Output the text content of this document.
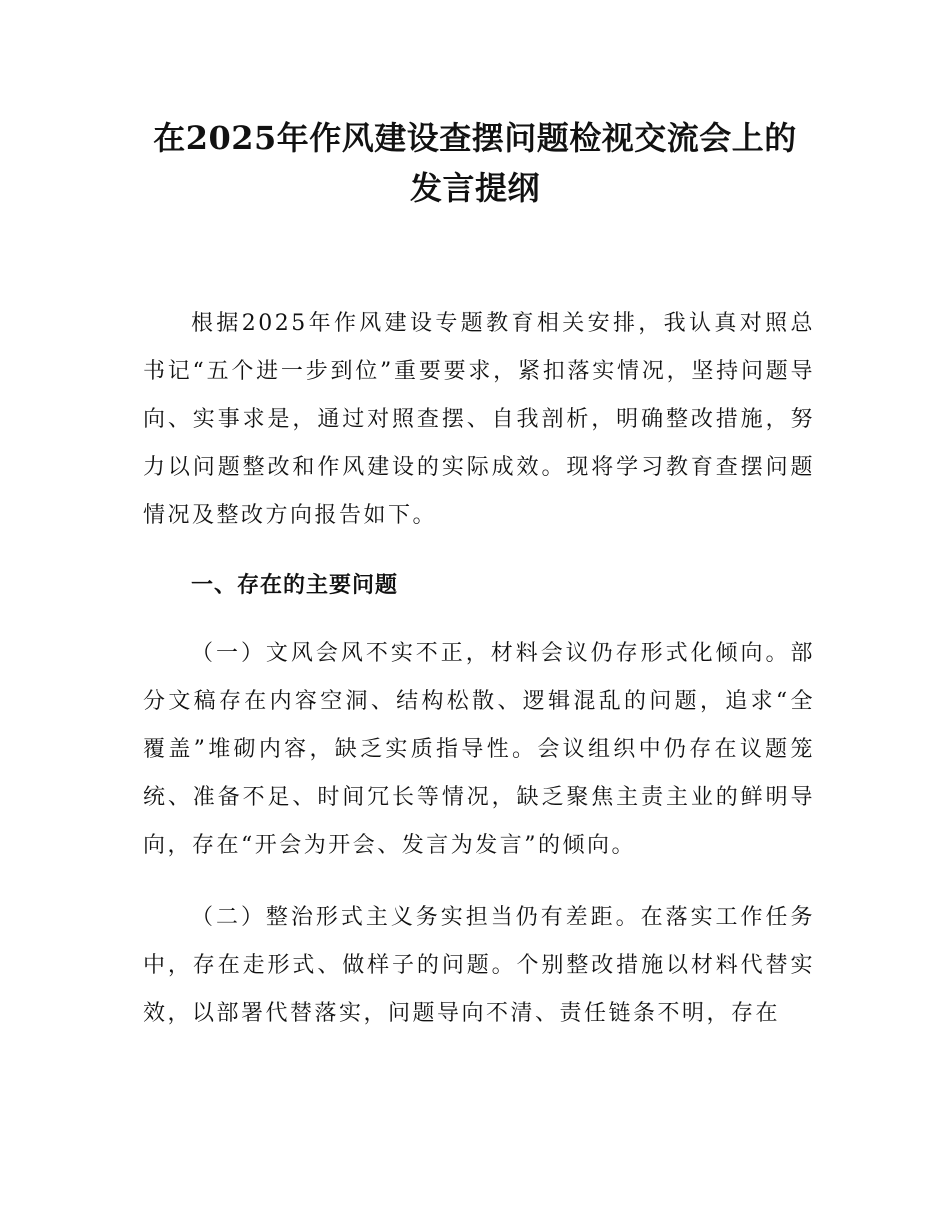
在2025年作风建设查摆问题检视交流会上的
发言提纲

根据2025年作风建设专题教育相关安排，我认真对照总书记“五个进一步到位”重要要求，紧扣落实情况，坚持问题导向、实事求是，通过对照查摆、自我剖析，明确整改措施，努力以问题整改和作风建设的实际成效。现将学习教育查摆问题情况及整改方向报告如下。

一、存在的主要问题

（一）文风会风不实不正，材料会议仍存形式化倾向。部分文稿存在内容空洞、结构松散、逻辑混乱的问题，追求“全覆盖”堆砌内容，缺乏实质指导性。会议组织中仍存在议题笼统、准备不足、时间冗长等情况，缺乏聚焦主责主业的鲜明导向，存在“开会为开会、发言为发言”的倾向。

（二）整治形式主义务实担当仍有差距。在落实工作任务中，存在走形式、做样子的问题。个别整改措施以材料代替实效，以部署代替落实，问题导向不清、责任链条不明，存在
